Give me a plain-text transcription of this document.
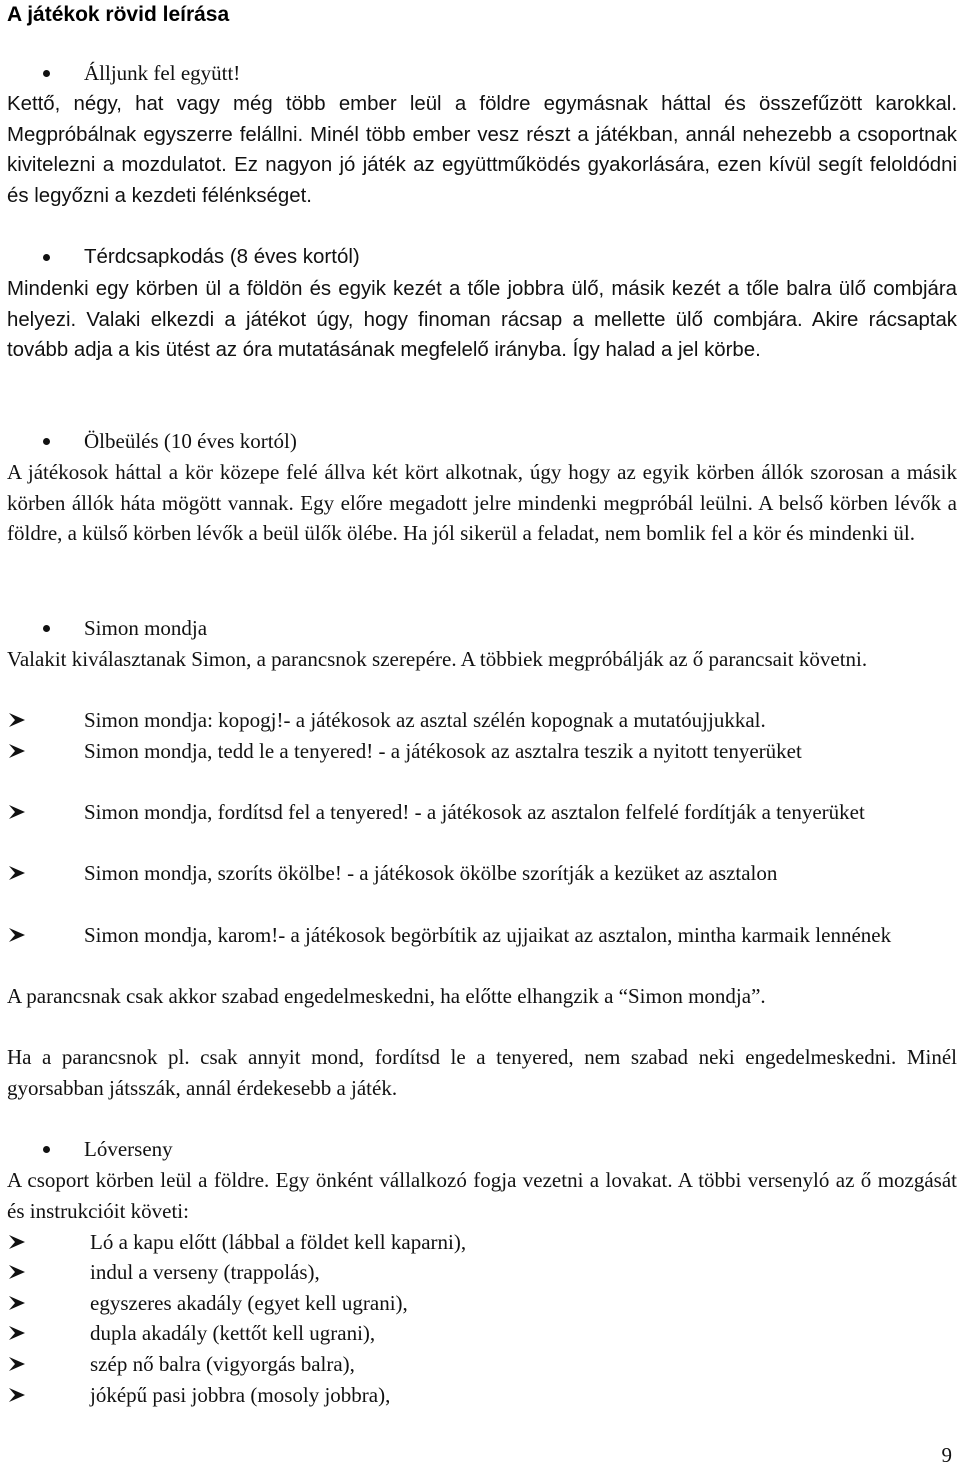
A játékok rövid leírása
Álljunk fel együtt!

Kettő, négy, hat vagy még több ember leül a földre egymásnak háttal és összefűzött karokkal. Megpróbálnak egyszerre felállni. Minél több ember vesz részt a játékban, annál nehezebb a csoportnak kivitelezni a mozdulatot. Ez nagyon jó játék az együttműködés gyakorlására, ezen kívül segít feloldódni és legyőzni a kezdeti félénkséget.

Térdcsapkodás (8 éves kortól)

Mindenki egy körben ül a földön és egyik kezét a tőle jobbra ülő, másik kezét a tőle balra ülő combjára helyezi. Valaki elkezdi a játékot úgy, hogy finoman rácsap a mellette ülő combjára. Akire rácsaptak tovább adja a kis ütést az óra mutatásának megfelelő irányba. Így halad a jel körbe.

Ölbeülés (10 éves kortól)

A játékosok háttal a kör közepe felé állva két kört alkotnak, úgy hogy az egyik körben állók szorosan a másik körben állók háta mögött vannak. Egy előre megadott jelre mindenki megpróbál leülni. A belső körben lévők a földre, a külső körben lévők a beül ülők ölébe. Ha jól sikerül a feladat, nem bomlik fel a kör és mindenki ül.

Simon mondja

Valakit kiválasztanak Simon, a parancsnok szerepére. A többiek megpróbálják az ő parancsait követni.

Simon mondja: kopogj!- a játékosok az asztal szélén kopognak a mutatóujjukkal.
Simon mondja, tedd le a tenyered! - a játékosok az asztalra teszik a nyitott tenyerüket
Simon mondja, fordítsd fel a tenyered! - a játékosok az asztalon felfelé fordítják a tenyerüket
Simon mondja, szoríts ökölbe! - a játékosok ökölbe szorítják a kezüket az asztalon
Simon mondja, karom!- a játékosok begörbítik az ujjaikat az asztalon, mintha karmaik lennének

A parancsnak csak akkor szabad engedelmeskedni, ha előtte elhangzik a “Simon mondja”.

Ha a parancsnok pl. csak annyit mond, fordítsd le a tenyered, nem szabad neki engedelmeskedni. Minél gyorsabban játsszák, annál érdekesebb a játék.

Lóverseny

A csoport körben leül a földre. Egy önként vállalkozó fogja vezetni a lovakat. A többi versenyló az ő mozgását és instrukcióit követi:

Ló a kapu előtt (lábbal a földet kell kaparni),
indul a verseny (trappolás),
egyszeres akadály (egyet kell ugrani),
dupla akadály (kettőt kell ugrani),
szép nő balra (vigyorgás balra),
jóképű pasi jobbra (mosoly jobbra),
9
